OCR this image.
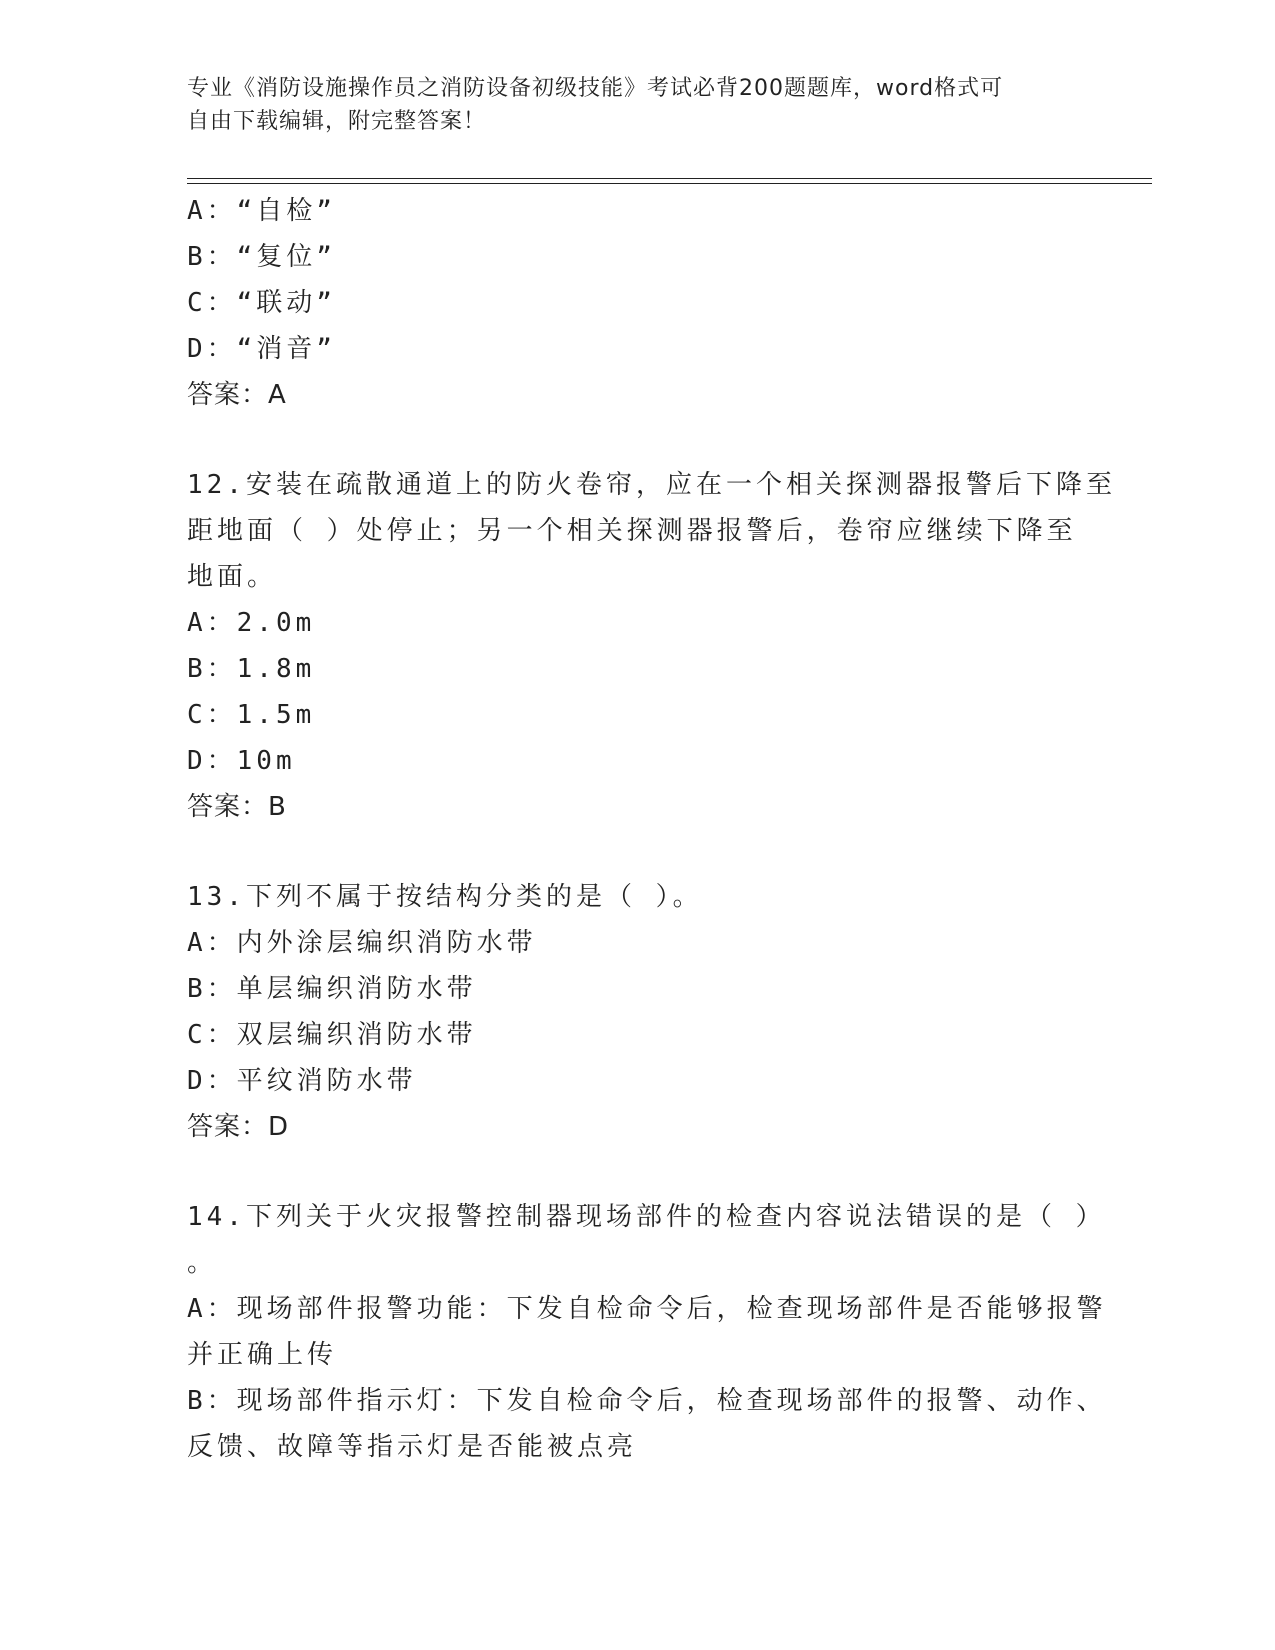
专业《消防设施操作员之消防设备初级技能》考试必背200题题库，word格式可
自由下载编辑，附完整答案！
A：“自检”
B：“复位”
C：“联动”
D：“消音”
答案：A
12.安装在疏散通道上的防火卷帘，应在一个相关探测器报警后下降至
距地面（ ）处停止；另一个相关探测器报警后，卷帘应继续下降至
地面。
A：2.0m
B：1.8m
C：1.5m
D：10m
答案：B
13.下列不属于按结构分类的是（ ）。
A：内外涂层编织消防水带
B：单层编织消防水带
C：双层编织消防水带
D：平纹消防水带
答案：D
14.下列关于火灾报警控制器现场部件的检查内容说法错误的是（ ）
。
A：现场部件报警功能：下发自检命令后，检查现场部件是否能够报警
并正确上传
B：现场部件指示灯：下发自检命令后，检查现场部件的报警、动作、
反馈、故障等指示灯是否能被点亮
